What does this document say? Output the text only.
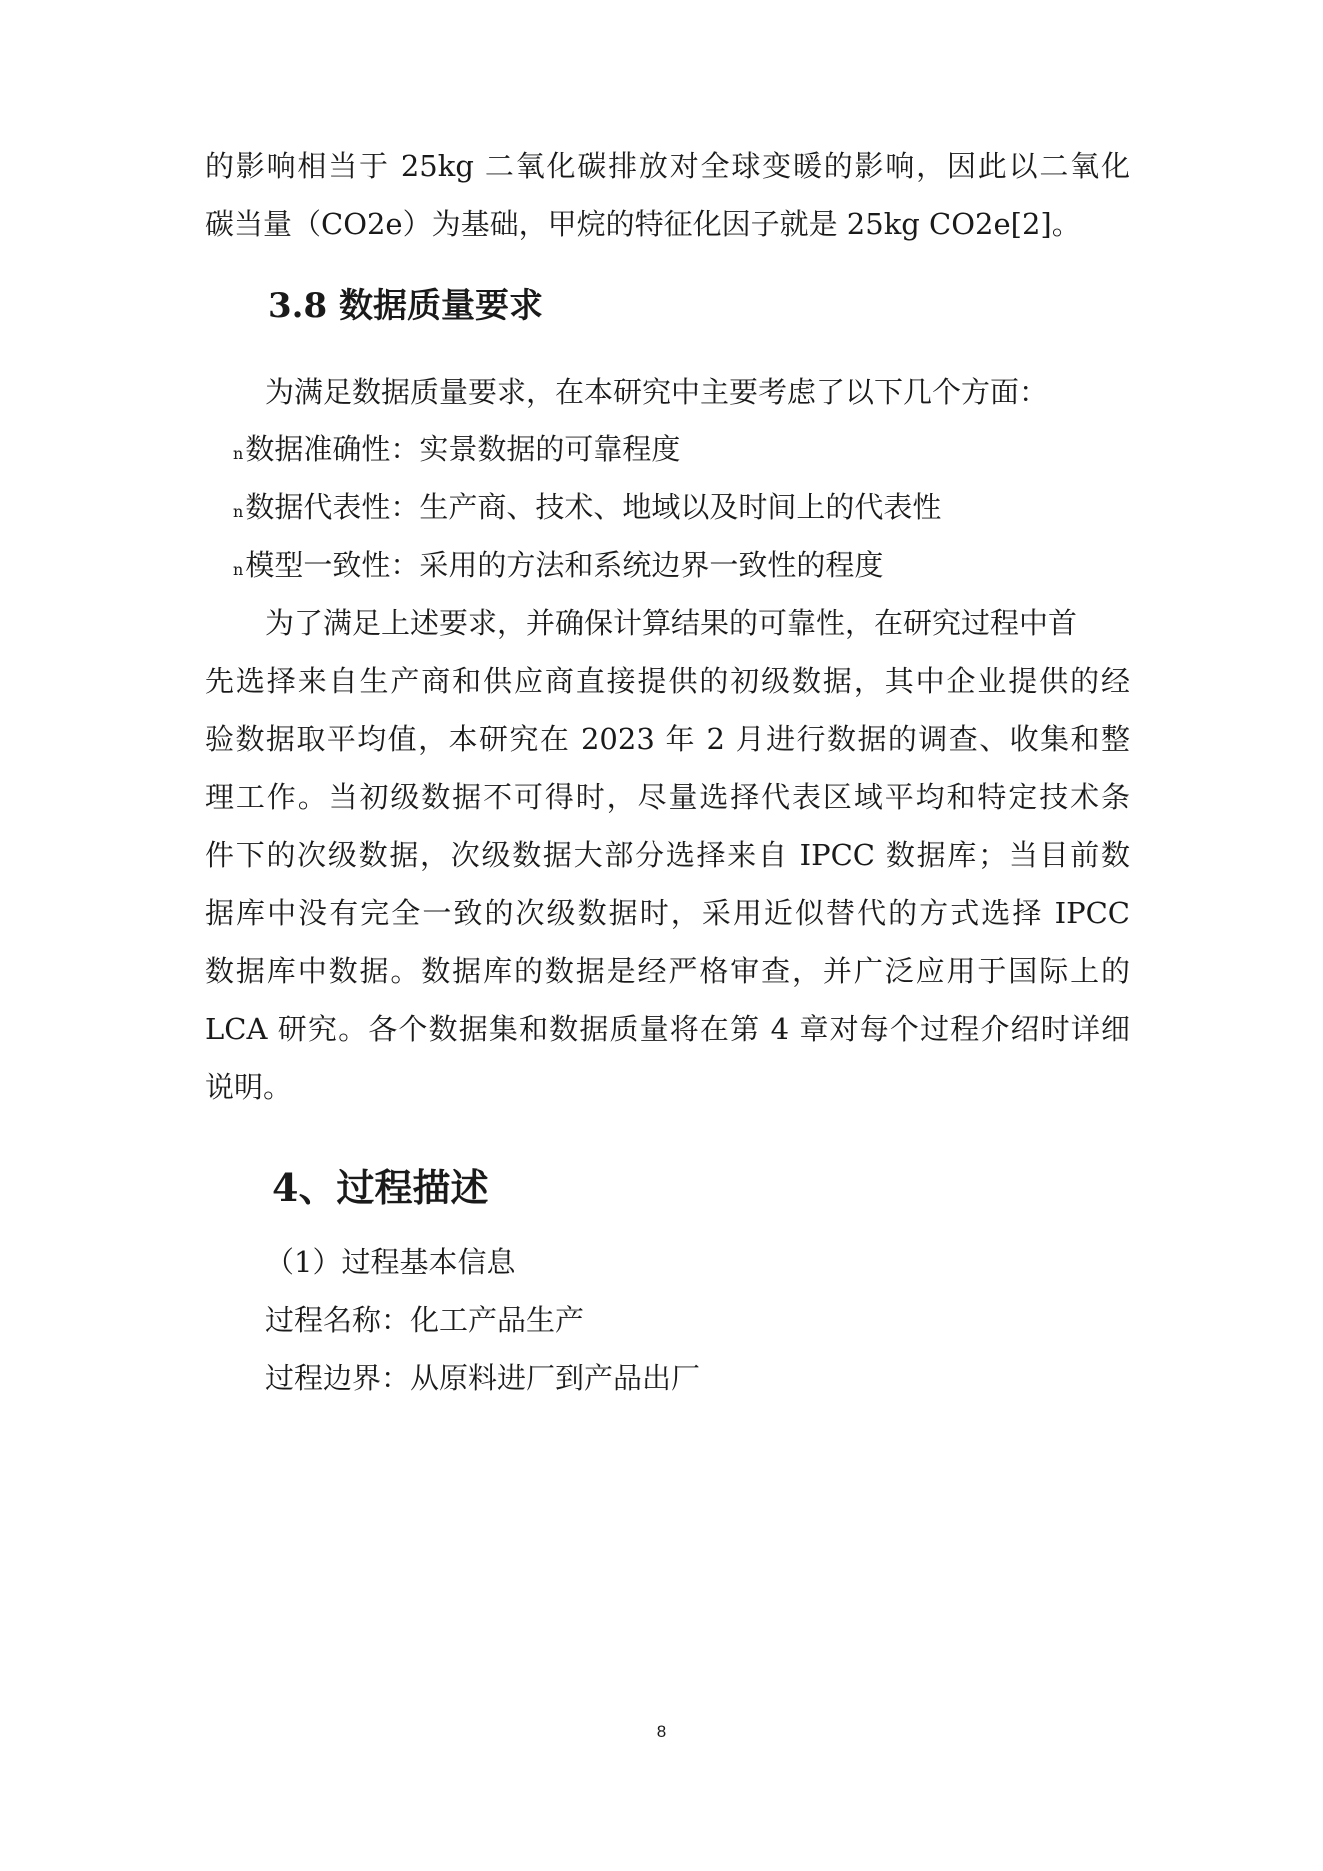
的影响相当于 25kg 二氧化碳排放对全球变暖的影响，因此以二氧化
碳当量（CO2e）为基础，甲烷的特征化因子就是 25kg CO2e[2]。
3.8 数据质量要求
为满足数据质量要求，在本研究中主要考虑了以下几个方面：
n数据准确性：实景数据的可靠程度
n数据代表性：生产商、技术、地域以及时间上的代表性
n模型一致性：采用的方法和系统边界一致性的程度
为了满足上述要求，并确保计算结果的可靠性，在研究过程中首
先选择来自生产商和供应商直接提供的初级数据，其中企业提供的经
验数据取平均值，本研究在 2023 年 2 月进行数据的调查、收集和整
理工作。当初级数据不可得时，尽量选择代表区域平均和特定技术条
件下的次级数据，次级数据大部分选择来自 IPCC 数据库；当目前数
据库中没有完全一致的次级数据时，采用近似替代的方式选择 IPCC
数据库中数据。数据库的数据是经严格审查，并广泛应用于国际上的
LCA 研究。各个数据集和数据质量将在第 4 章对每个过程介绍时详细
说明。
4、过程描述
（1）过程基本信息
过程名称：化工产品生产
过程边界：从原料进厂到产品出厂
8
